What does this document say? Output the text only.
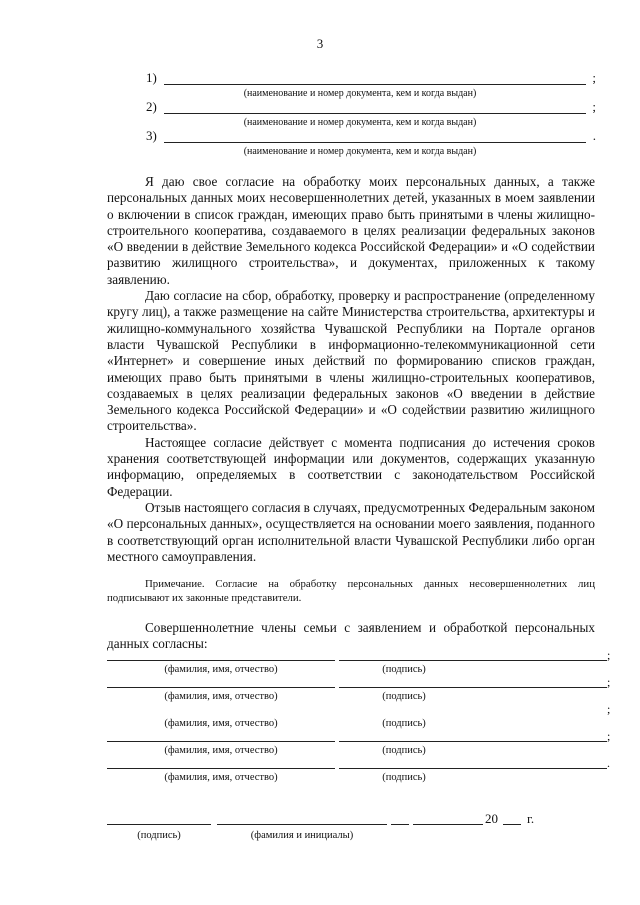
3
1)	;
(наименование и номер документа, кем и когда выдан)
2)	;
(наименование и номер документа, кем и когда выдан)
3)	.
(наименование и номер документа, кем и когда выдан)

Я даю свое согласие на обработку моих персональных данных, а также персональных данных моих несовершеннолетних детей, указанных в моем заявлении о включении в список граждан, имеющих право быть принятыми в члены жилищно-строительного кооператива, создаваемого в целях реализации федеральных законов «О введении в действие Земельного кодекса Российской Федерации» и «О содействии развитию жилищного строительства», и документах, приложенных к такому заявлению.

Даю согласие на сбор, обработку, проверку и распространение (определенному кругу лиц), а также размещение на сайте Министерства строительства, архитектуры и жилищно-коммунального хозяйства Чувашской Республики на Портале органов власти Чувашской Республики в информационно-телекоммуникационной сети «Интернет» и совершение иных действий по формированию списков граждан, имеющих право быть принятыми в члены жилищно-строительных кооперативов, создаваемых в целях реализации федеральных законов «О введении в действие Земельного кодекса Российской Федерации» и «О содействии развитию жилищного строительства».

Настоящее согласие действует с момента подписания до истечения сроков хранения соответствующей информации или документов, содержащих указанную информацию, определяемых в соответствии с законодательством Российской Федерации.

Отзыв настоящего согласия в случаях, предусмотренных Федеральным законом «О персональных данных», осуществляется на основании моего заявления, поданного в соответствующий орган исполнительной власти Чувашской Республики либо орган местного самоуправления.

Примечание. Согласие на обработку персональных данных несовершеннолетних лиц подписывают их законные представители.

Совершеннолетние члены семьи с заявлением и обработкой персональных данных согласны:

;
(фамилия, имя, отчество)	(подпись)
;
(фамилия, имя, отчество)	(подпись)
;
(фамилия, имя, отчество)	(подпись)
;
(фамилия, имя, отчество)	(подпись)
.
(фамилия, имя, отчество)	(подпись)
20 г.
(подпись)	(фамилия и инициалы)
